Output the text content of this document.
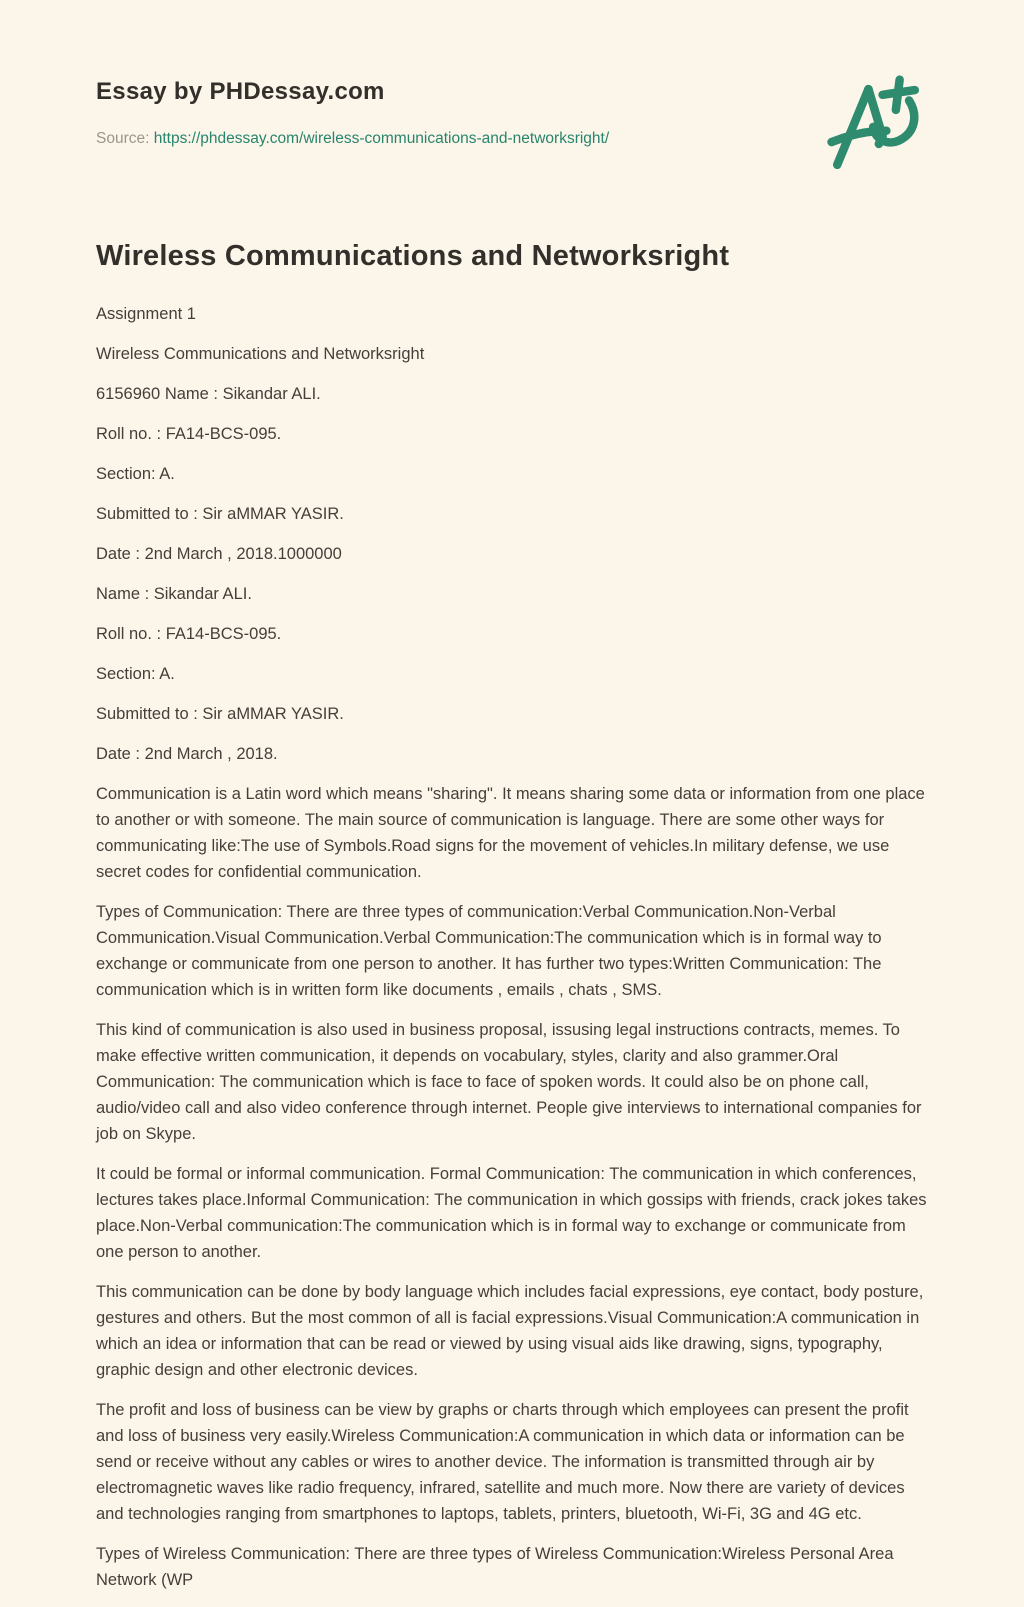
Essay by PHDessay.com
Source: https://phdessay.com/wireless-communications-and-networksright/
Wireless Communications and Networksright

Assignment 1

Wireless Communications and Networksright

6156960 Name : Sikandar ALI.

Roll no. : FA14-BCS-095.

Section: A.

Submitted to : Sir aMMAR YASIR.

Date : 2nd March , 2018.1000000

Name : Sikandar ALI.

Roll no. : FA14-BCS-095.

Section: A.

Submitted to : Sir aMMAR YASIR.

Date : 2nd March , 2018.

Communication is a Latin word which means "sharing". It means sharing some data or information from one place to another or with someone. The main source of communication is language. There are some other ways for communicating like:The use of Symbols.Road signs for the movement of vehicles.In military defense, we use secret codes for confidential communication.

Types of Communication: There are three types of communication:Verbal Communication.Non-Verbal Communication.Visual Communication.Verbal Communication:The communication which is in formal way to exchange or communicate from one person to another. It has further two types:Written Communication: The communication which is in written form like documents , emails , chats , SMS.

This kind of communication is also used in business proposal, issusing legal instructions contracts, memes. To make effective written communication, it depends on vocabulary, styles, clarity and also grammer.Oral Communication: The communication which is face to face of spoken words. It could also be on phone call, audio/video call and also video conference through internet. People give interviews to international companies for job on Skype.

It could be formal or informal communication. Formal Communication: The communication in which conferences, lectures takes place.Informal Communication: The communication in which gossips with friends, crack jokes takes place.Non-Verbal communication:The communication which is in formal way to exchange or communicate from one person to another.

This communication can be done by body language which includes facial expressions, eye contact, body posture, gestures and others. But the most common of all is facial expressions.Visual Communication:A communication in which an idea or information that can be read or viewed by using visual aids like drawing, signs, typography, graphic design and other electronic devices.

The profit and loss of business can be view by graphs or charts through which employees can present the profit and loss of business very easily.Wireless Communication:A communication in which data or information can be send or receive without any cables or wires to another device. The information is transmitted through air by electromagnetic waves like radio frequency, infrared, satellite and much more. Now there are variety of devices and technologies ranging from smartphones to laptops, tablets, printers, bluetooth, Wi-Fi, 3G and 4G etc.

Types of Wireless Communication: There are three types of Wireless Communication:Wireless Personal Area Network (WP
